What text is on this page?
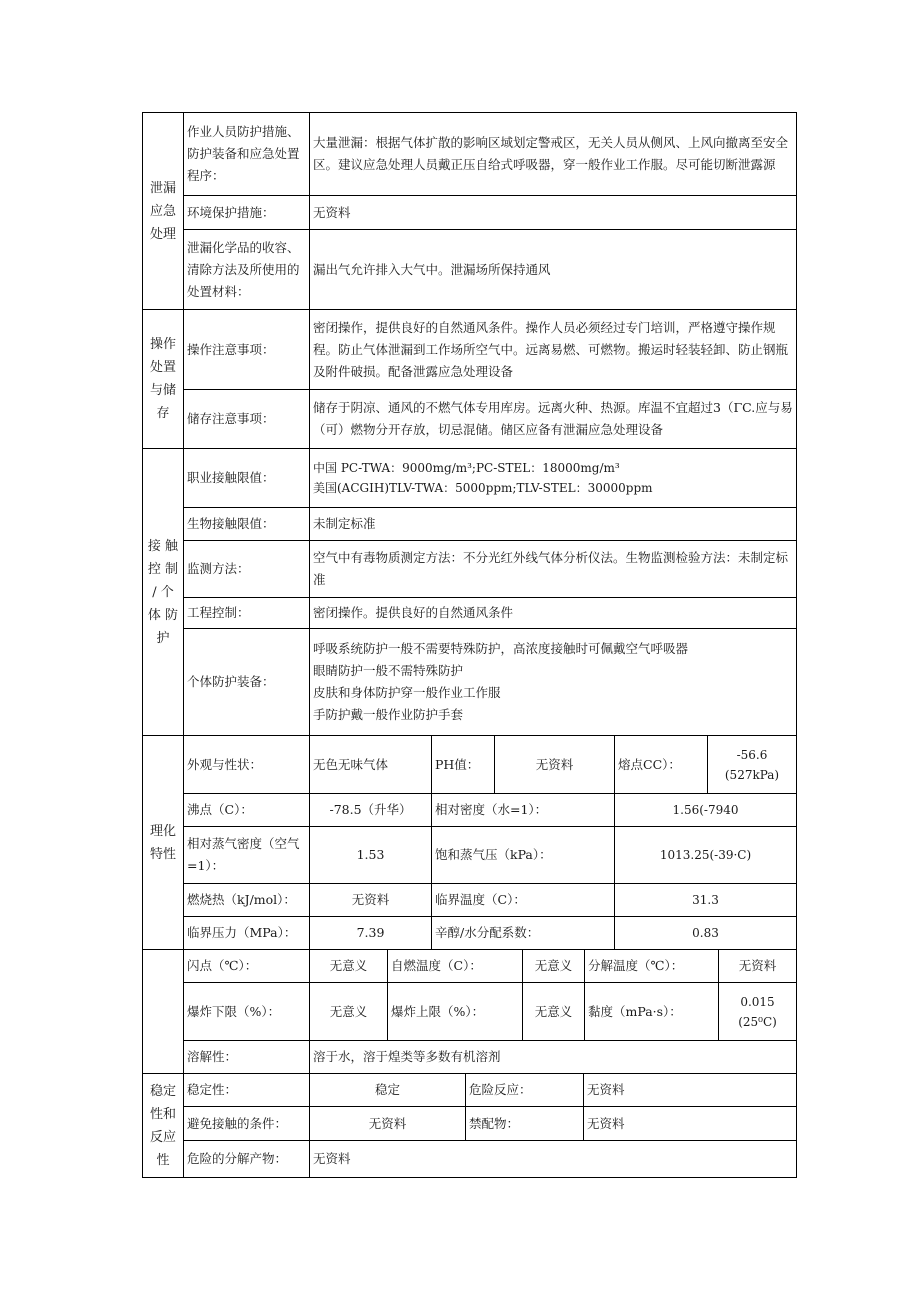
泄漏应急处理	作业人员防护措施、防护装备和应急处置程序：	大量泄漏：根据气体扩散的影响区域划定警戒区，无关人员从侧风、上风向撤离至安全区。建议应急处理人员戴正压自给式呼吸器，穿一般作业工作服。尽可能切断泄露源
	环境保护措施：	无资料
	泄漏化学品的收容、清除方法及所使用的处置材料：	漏出气允许排入大气中。泄漏场所保持通风
操作处置与储存	操作注意事项：	密闭操作，提供良好的自然通风条件。操作人员必须经过专门培训，严格遵守操作规程。防止气体泄漏到工作场所空气中。远离易燃、可燃物。搬运时轻装轻卸、防止钢瓶及附件破损。配备泄露应急处理设备
	储存注意事项：	储存于阴凉、通风的不燃气体专用库房。远离火种、热源。库温不宜超过3（ΓC.应与易（可）燃物分开存放，切忌混储。储区应备有泄漏应急处理设备
接 触 控 制 / 个 体 防护	职业接触限值：	中国 PC-TWA：9000mg/m³;PC-STEL：18000mg/m³
美国(ACGIH)TLV-TWA：5000ppm;TLV-STEL：30000ppm

	生物接触限值：	未制定标准
	监测方法：	空气中有毒物质测定方法：不分光红外线气体分析仪法。生物监测检验方法：未制定标准
	工程控制：	密闭操作。提供良好的自然通风条件
	个体防护装备：	呼吸系统防护一般不需要特殊防护，高浓度接触时可佩戴空气呼吸器
眼睛防护一般不需特殊防护
皮肤和身体防护穿一般作业工作服
手防护戴一般作业防护手套
理化特性	外观与性状：	无色无味气体	PH值：	无资料	熔点CC）：	-56.6
(527kPa)

	沸点（C）：	-78.5（升华）	相对密度（水=1）：		1.56(-7940	
	相对蒸气密度（空气=1）：	1.53	饱和蒸气压（kPa）：		1013.25(-39·C)	
	燃烧热（kJ/mol）：	无资料	临界温度（C）：		31.3	
	临界压力（MPa）：	7.39	辛醇/水分配系数：		0.83	
	闪点（℃）：	无意义	自燃温度（C）：	无意义	分解温度（℃）：	无资料
	爆炸下限（%）：	无意义	爆炸上限（%）：	无意义	黏度（mPa·s）：	0.015
(25⁰C)

	溶解性：	溶于水，溶于煌类等多数有机溶剂				
稳定性和反应性	稳定性：	稳定	危险反应：	无资料
	避免接触的条件：	无资料	禁配物：	无资料
	危险的分解产物：	无资料		
